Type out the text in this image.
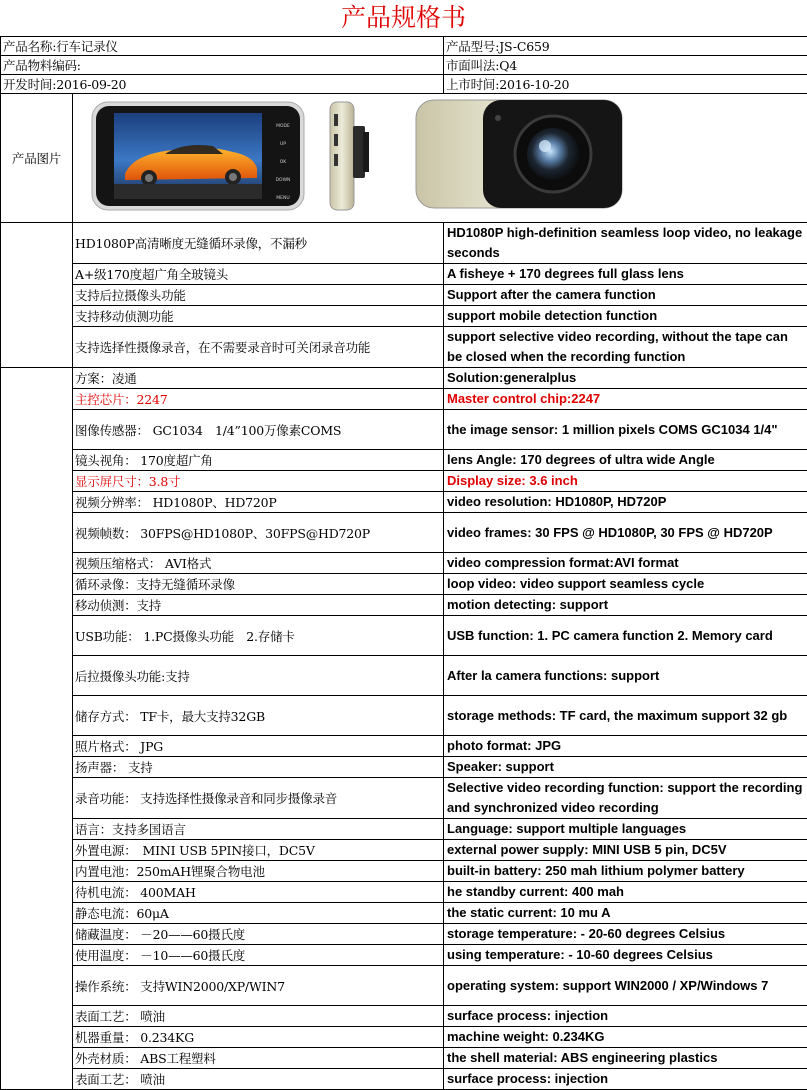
产品规格书
产品名称:行车记录仪		产品型号:JS-C659
产品物料编码:		市面叫法:Q4
开发时间:2016-09-20		上市时间:2016-10-20
产品图片	MODE
UP
OK
DOWN
MENU	

	HD1080P高清晰度无缝循环录像，不漏秒	HD1080P high-definition seamless loop video, no leakage seconds
	A+级170度超广角全玻镜头	A fisheye + 170 degrees full glass lens
	支持后拉摄像头功能	Support after the camera function
	支持移动侦测功能	support mobile detection function
	支持选择性摄像录音，在不需要录音时可关闭录音功能	support selective video recording, without the tape can be closed when the recording function
	方案：凌通	Solution:generalplus
	主控芯片：2247	Master control chip:2247
	图像传感器： GC1034　1/4”100万像素COMS	the image sensor: 1 million pixels COMS GC1034 1/4"
	镜头视角： 170度超广角	lens Angle: 170 degrees of ultra wide Angle
	显示屏尺寸：3.8寸	Display size: 3.6 inch
	视频分辨率： HD1080P、HD720P	video resolution: HD1080P, HD720P
	视频帧数： 30FPS@HD1080P、30FPS@HD720P	video frames: 30 FPS @ HD1080P, 30 FPS @ HD720P
	视频压缩格式： AVI格式	video compression format:AVI format
	循环录像：支持无缝循环录像	loop video: video support seamless cycle
	移动侦测：支持	motion detecting: support
	USB功能： 1.PC摄像头功能　2.存储卡	USB function: 1. PC camera function 2. Memory card
	后拉摄像头功能:支持	After la camera functions: support
	储存方式： TF卡，最大支持32GB	storage methods: TF card, the maximum support 32 gb
	照片格式： JPG	photo format: JPG
	扬声器： 支持	Speaker: support
	录音功能： 支持选择性摄像录音和同步摄像录音	Selective video recording function: support the recording and synchronized video recording
	语言：支持多国语言	Language: support multiple languages
	外置电源：　MINI USB 5PIN接口，DC5V	external power supply: MINI USB 5 pin, DC5V
	内置电池：250mAH锂聚合物电池	built-in battery: 250 mah lithium polymer battery
	待机电流： 400MAH	he standby current: 400 mah
	静态电流：60μA	the static current: 10 mu A
	储藏温度： －20——60摄氏度	storage temperature: - 20-60 degrees Celsius
	使用温度： －10——60摄氏度	using temperature: - 10-60 degrees Celsius
	操作系统： 支持WIN2000/XP/WIN7	operating system: support WIN2000 / XP/Windows 7
	表面工艺： 喷油	surface process: injection
	机器重量： 0.234KG	machine weight: 0.234KG
	外壳材质： ABS工程塑料	the shell material: ABS engineering plastics
	表面工艺： 喷油	surface process: injection
